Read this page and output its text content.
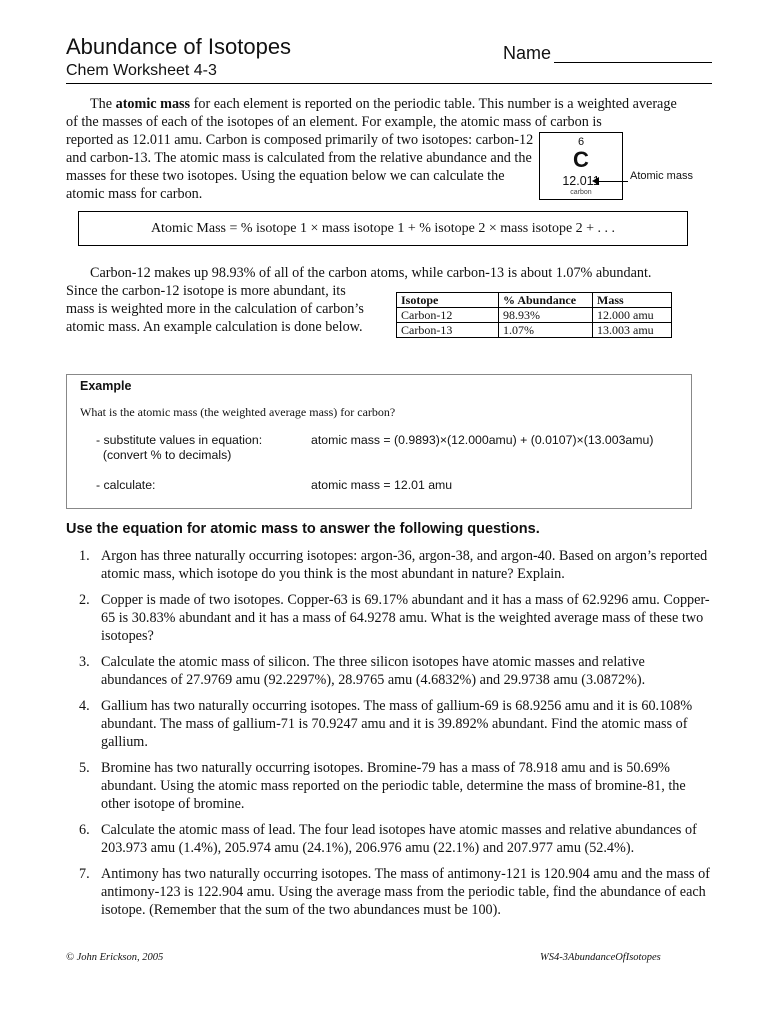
Abundance of Isotopes
Chem Worksheet 4-3
Name
The atomic mass for each element is reported on the periodic table. This number is a weighted average of the masses of each of the isotopes of an element. For example, the atomic mass of carbon is
reported as 12.011 amu. Carbon is composed primarily of two isotopes: carbon-12 and carbon-13. The atomic mass is calculated from the relative abundance and the masses for these two isotopes. Using the equation below we can calculate the atomic mass for carbon.
6
C
12.011
carbon
Atomic mass
Atomic Mass = % isotope 1 × mass isotope 1 + % isotope 2 × mass isotope 2 + . . .
Carbon-12 makes up 98.93% of all of the carbon atoms, while carbon-13 is about 1.07% abundant.
Since the carbon-12 isotope is more abundant, its mass is weighted more in the calculation of carbon’s atomic mass. An example calculation is done below.
Isotope	% Abundance	Mass
Carbon-12	98.93%	12.000 amu
Carbon-13	1.07%	13.003 amu
Example
What is the atomic mass (the weighted average mass) for carbon?
- substitute values in equation:
(convert % to decimals)
atomic mass = (0.9893)×(12.000amu) + (0.0107)×(13.003amu)
- calculate:	atomic mass = 12.01 amu
Use the equation for atomic mass to answer the following questions.
1. Argon has three naturally occurring isotopes: argon-36, argon-38, and argon-40. Based on argon’s reported atomic mass, which isotope do you think is the most abundant in nature? Explain.
2. Copper is made of two isotopes. Copper-63 is 69.17% abundant and it has a mass of 62.9296 amu. Copper-65 is 30.83% abundant and it has a mass of 64.9278 amu. What is the weighted average mass of these two isotopes?
3. Calculate the atomic mass of silicon. The three silicon isotopes have atomic masses and relative abundances of 27.9769 amu (92.2297%), 28.9765 amu (4.6832%) and 29.9738 amu (3.0872%).
4. Gallium has two naturally occurring isotopes. The mass of gallium-69 is 68.9256 amu and it is 60.108% abundant. The mass of gallium-71 is 70.9247 amu and it is 39.892% abundant. Find the atomic mass of gallium.
5. Bromine has two naturally occurring isotopes. Bromine-79 has a mass of 78.918 amu and is 50.69% abundant. Using the atomic mass reported on the periodic table, determine the mass of bromine-81, the other isotope of bromine.
6. Calculate the atomic mass of lead. The four lead isotopes have atomic masses and relative abundances of 203.973 amu (1.4%), 205.974 amu (24.1%), 206.976 amu (22.1%) and 207.977 amu (52.4%).
7. Antimony has two naturally occurring isotopes. The mass of antimony-121 is 120.904 amu and the mass of antimony-123 is 122.904 amu. Using the average mass from the periodic table, find the abundance of each isotope. (Remember that the sum of the two abundances must be 100).
© John Erickson, 2005	WS4-3AbundanceOfIsotopes
